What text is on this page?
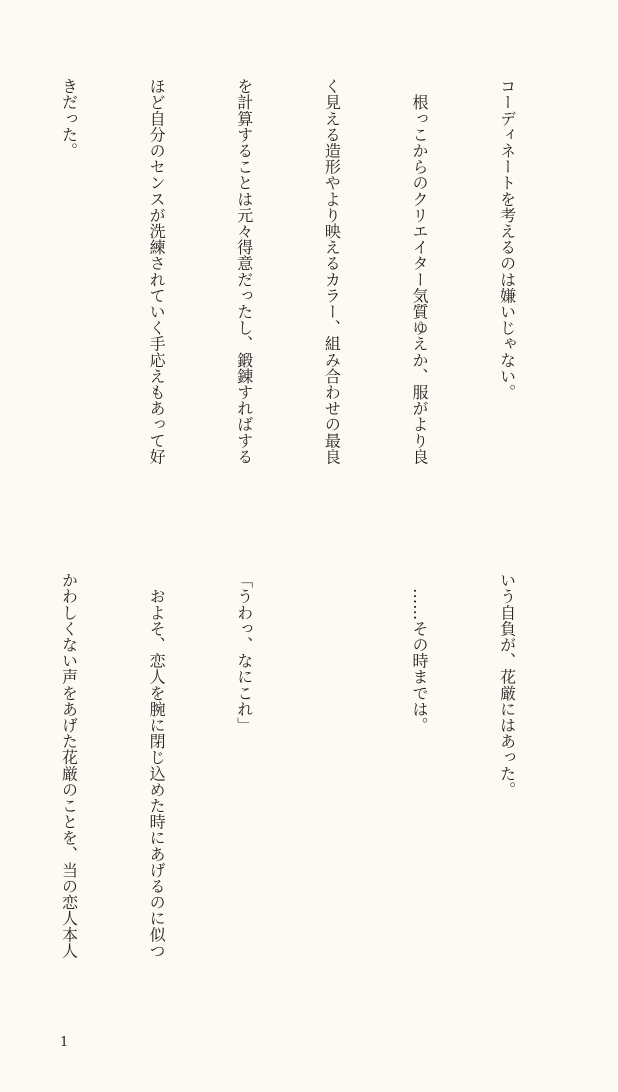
コーディネートを考えるのは嫌いじゃない。

　根っこからのクリエイター気質ゆえか、服がより良

く見える造形やより映えるカラー、組み合わせの最良

を計算することは元々得意だったし、鍛錬すればする

ほど自分のセンスが洗練されていく手応えもあって好

きだった。

いう自負が、花厳にはあった。

　……その時までは。

「うわっ、なにこれ」

　およそ、恋人を腕に閉じ込めた時にあげるのに似つ

かわしくない声をあげた花厳のことを、当の恋人本人

1
